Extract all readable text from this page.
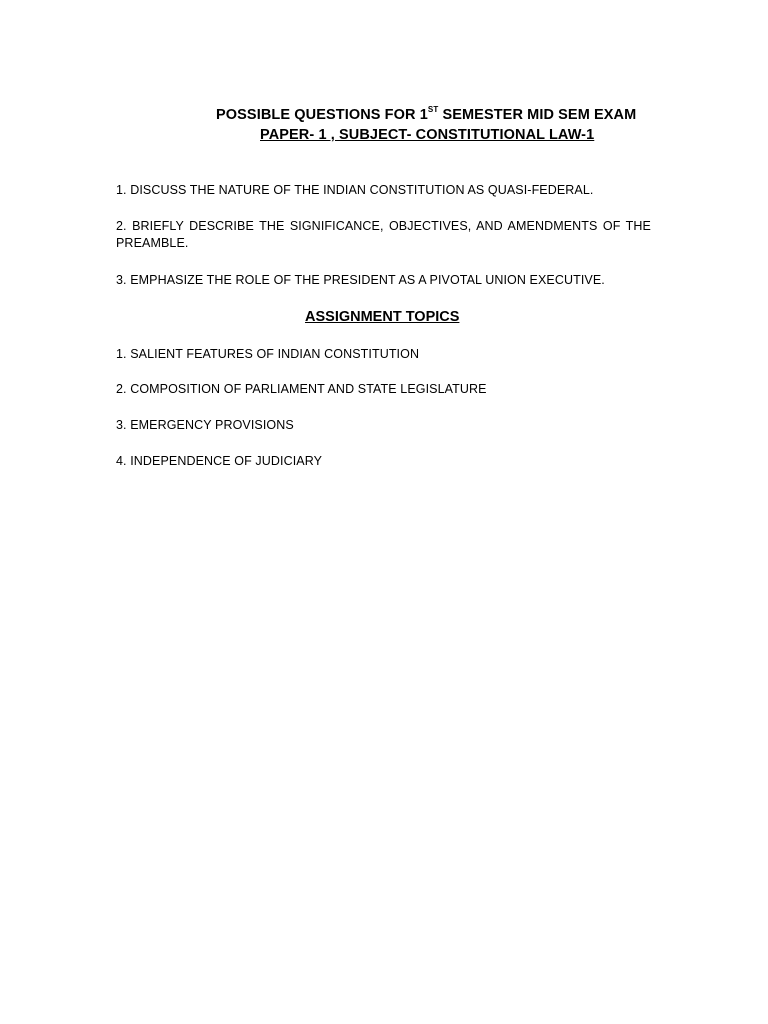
POSSIBLE QUESTIONS FOR 1ST SEMESTER MID SEM EXAM
PAPER- 1 , SUBJECT- CONSTITUTIONAL LAW-1
1. DISCUSS THE NATURE OF THE INDIAN CONSTITUTION AS QUASI-FEDERAL.
2. BRIEFLY DESCRIBE THE SIGNIFICANCE, OBJECTIVES, AND AMENDMENTS OF THE PREAMBLE.
3. EMPHASIZE THE ROLE OF THE PRESIDENT AS A PIVOTAL UNION EXECUTIVE.
ASSIGNMENT TOPICS
1. SALIENT FEATURES OF INDIAN CONSTITUTION
2. COMPOSITION OF PARLIAMENT AND STATE LEGISLATURE
3. EMERGENCY PROVISIONS
4. INDEPENDENCE OF JUDICIARY
